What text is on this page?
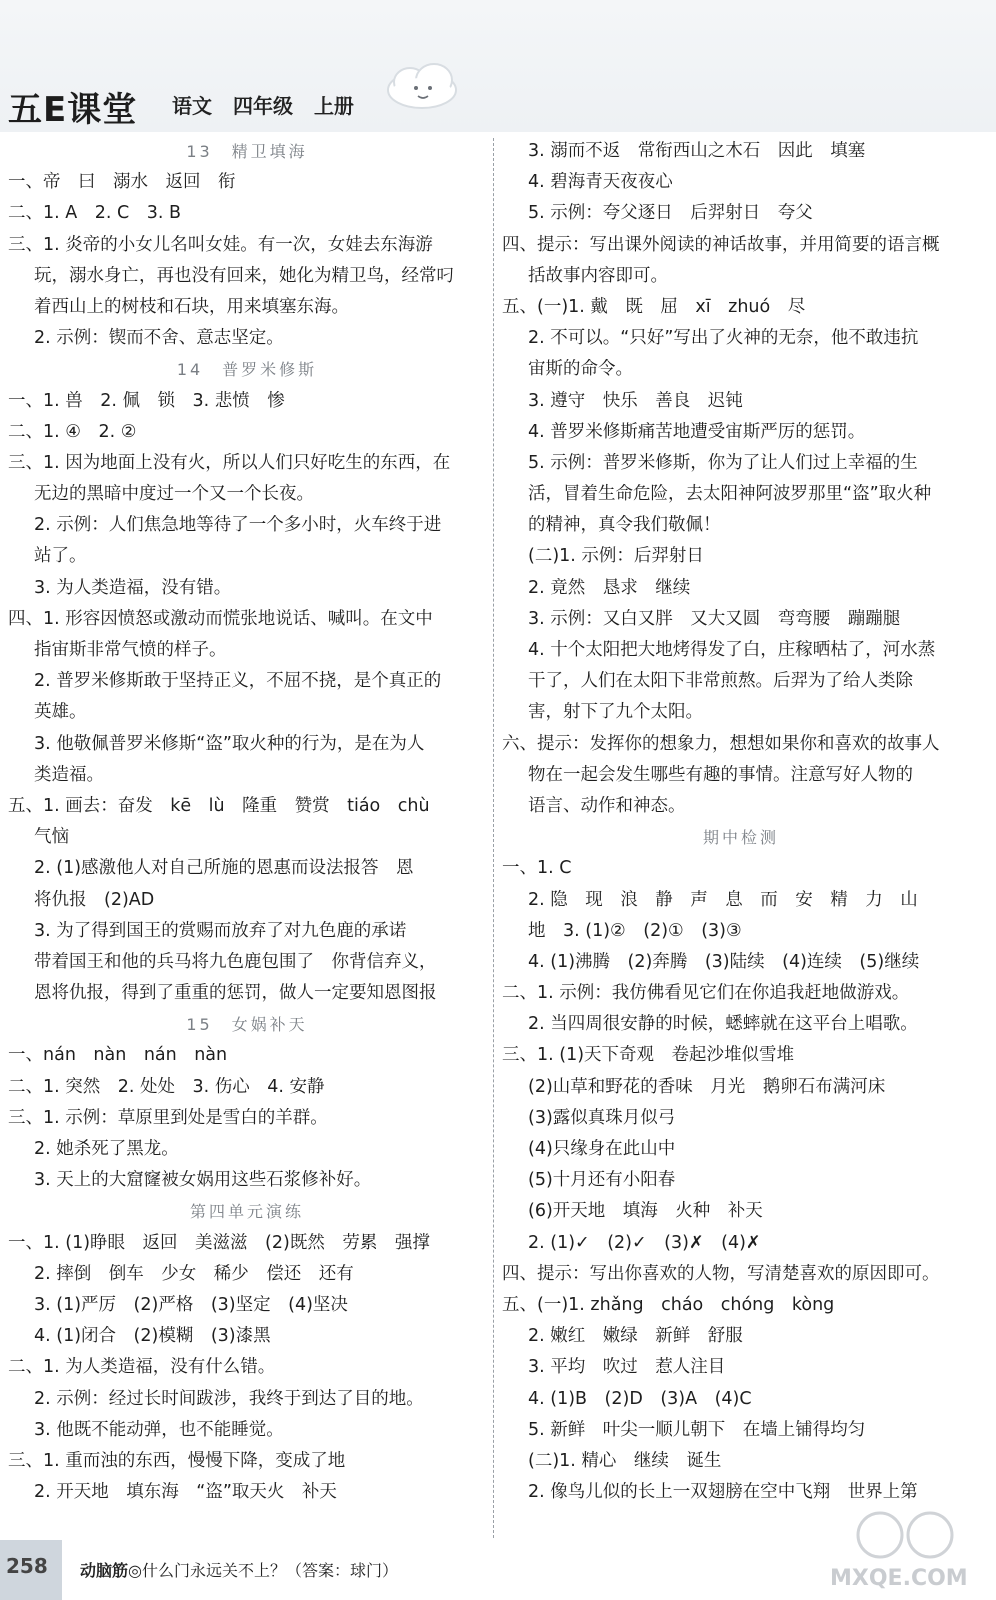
五E课堂 语文 四年级 上册
13　精卫填海
一、帝　曰　溺水　返回　衔
二、1. A　2. C　3. B
三、1. 炎帝的小女儿名叫女娃。有一次，女娃去东海游
玩，溺水身亡，再也没有回来，她化为精卫鸟，经常叼
着西山上的树枝和石块，用来填塞东海。
2. 示例：锲而不舍、意志坚定。
14　普罗米修斯
一、1. 兽　2. 佩　锁　3. 悲愤　惨
二、1. ④　2. ②
三、1. 因为地面上没有火，所以人们只好吃生的东西，在
无边的黑暗中度过一个又一个长夜。
2. 示例：人们焦急地等待了一个多小时，火车终于进
站了。
3. 为人类造福，没有错。
四、1. 形容因愤怒或激动而慌张地说话、喊叫。在文中
指宙斯非常气愤的样子。
2. 普罗米修斯敢于坚持正义，不屈不挠，是个真正的
英雄。
3. 他敬佩普罗米修斯“盗”取火种的行为，是在为人
类造福。
五、1. 画去：奋发　kē　lù　隆重　赞赏　tiáo　chù
气恼
2. (1)感激他人对自己所施的恩惠而设法报答　恩
将仇报　(2)AD
3. 为了得到国王的赏赐而放弃了对九色鹿的承诺
带着国王和他的兵马将九色鹿包围了　你背信弃义，
恩将仇报，得到了重重的惩罚，做人一定要知恩图报
15　女娲补天
一、nán　nàn　nán　nàn
二、1. 突然　2. 处处　3. 伤心　4. 安静
三、1. 示例：草原里到处是雪白的羊群。
2. 她杀死了黑龙。
3. 天上的大窟窿被女娲用这些石浆修补好。
第四单元演练
一、1. (1)睁眼　返回　美滋滋　(2)既然　劳累　强撑
2. 摔倒　倒车　少女　稀少　偿还　还有
3. (1)严厉　(2)严格　(3)坚定　(4)坚决
4. (1)闭合　(2)模糊　(3)漆黑
二、1. 为人类造福，没有什么错。
2. 示例：经过长时间跋涉，我终于到达了目的地。
3. 他既不能动弹，也不能睡觉。
三、1. 重而浊的东西，慢慢下降，变成了地
2. 开天地　填东海　“盗”取天火　补天
3. 溺而不返　常衔西山之木石　因此　填塞
4. 碧海青天夜夜心
5. 示例：夸父逐日　后羿射日　夸父
四、提示：写出课外阅读的神话故事，并用简要的语言概
括故事内容即可。
五、(一)1. 戴　既　屈　xī　zhuó　尽
2. 不可以。“只好”写出了火神的无奈，他不敢违抗
宙斯的命令。
3. 遵守　快乐　善良　迟钝
4. 普罗米修斯痛苦地遭受宙斯严厉的惩罚。
5. 示例：普罗米修斯，你为了让人们过上幸福的生
活，冒着生命危险，去太阳神阿波罗那里“盗”取火种
的精神，真令我们敬佩！
(二)1. 示例：后羿射日
2. 竟然　恳求　继续
3. 示例：又白又胖　又大又圆　弯弯腰　蹦蹦腿
4. 十个太阳把大地烤得发了白，庄稼晒枯了，河水蒸
干了，人们在太阳下非常煎熬。后羿为了给人类除
害，射下了九个太阳。
六、提示：发挥你的想象力，想想如果你和喜欢的故事人
物在一起会发生哪些有趣的事情。注意写好人物的
语言、动作和神态。
期中检测
一、1. C
2. 隐　现　浪　静　声　息　而　安　精　力　山
地　3. (1)②　(2)①　(3)③
4. (1)沸腾　(2)奔腾　(3)陆续　(4)连续　(5)继续
二、1. 示例：我仿佛看见它们在你追我赶地做游戏。
2. 当四周很安静的时候，蟋蟀就在这平台上唱歌。
三、1. (1)天下奇观　卷起沙堆似雪堆
(2)山草和野花的香味　月光　鹅卵石布满河床
(3)露似真珠月似弓
(4)只缘身在此山中
(5)十月还有小阳春
(6)开天地　填海　火种　补天
2. (1)✓　(2)✓　(3)✗　(4)✗
四、提示：写出你喜欢的人物，写清楚喜欢的原因即可。
五、(一)1. zhǎng　cháo　chóng　kòng
2. 嫩红　嫩绿　新鲜　舒服
3. 平均　吹过　惹人注目
4. (1)B　(2)D　(3)A　(4)C
5. 新鲜　叶尖一顺儿朝下　在墙上铺得均匀
(二)1. 精心　继续　诞生
2. 像鸟儿似的长上一双翅膀在空中飞翔　世界上第
MXQE.COM
258 动脑筋◎什么门永远关不上？（答案：球门）
